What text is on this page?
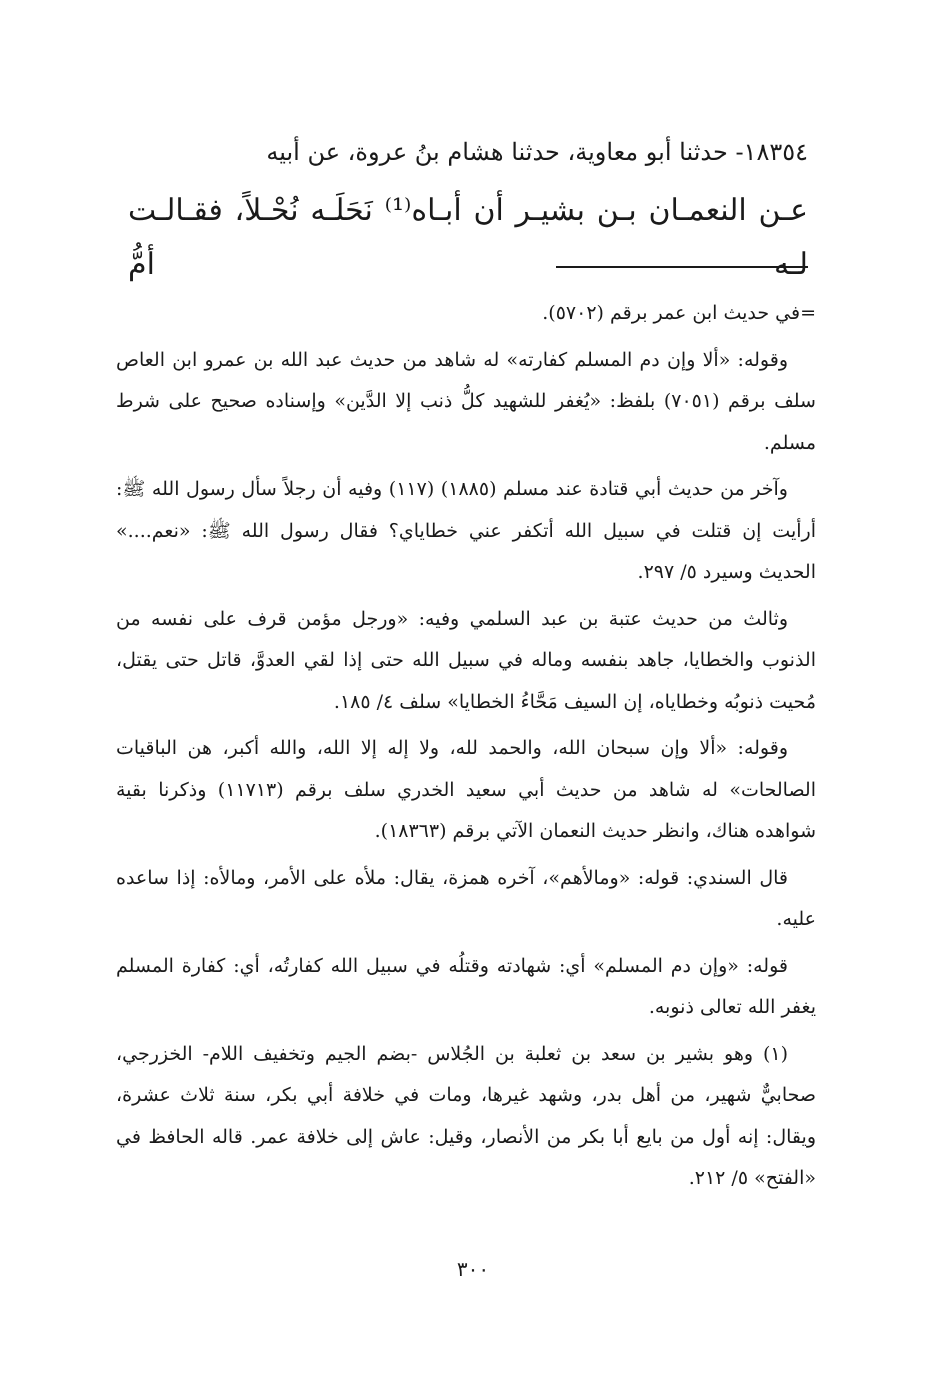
١٨٣٥٤- حدثنا أبو معاوية، حدثنا هشام بنُ عروة، عن أبيه
عـن النعمـان بـن بشيـر أن أبـاه⁽¹⁾ نَحَلَـه نُحْـلاً، فقـالـت لـه أمُّ

=في حديث ابن عمر برقم (٥٧٠٢).

وقوله: «ألا وإن دم المسلم كفارته» له شاهد من حديث عبد الله بن عمرو ابن العاص سلف برقم (٧٠٥١) بلفظ: «يُغفر للشهيد كلُّ ذنب إلا الدَّين» وإسناده صحيح على شرط مسلم.

وآخر من حديث أبي قتادة عند مسلم (١٨٨٥) (١١٧) وفيه أن رجلاً سأل رسول الله ﷺ: أرأيت إن قتلت في سبيل الله أتكفر عني خطاياي؟ فقال رسول الله ﷺ: «نعم....» الحديث وسيرد ٥/ ٢٩٧.

وثالث من حديث عتبة بن عبد السلمي وفيه: «ورجل مؤمن قرف على نفسه من الذنوب والخطايا، جاهد بنفسه وماله في سبيل الله حتى إذا لقي العدوَّ، قاتل حتى يقتل، مُحيت ذنوبُه وخطاياه، إن السيف مَحَّاءُ الخطايا» سلف ٤/ ١٨٥.

وقوله: «ألا وإن سبحان الله، والحمد لله، ولا إله إلا الله، والله أكبر، هن الباقيات الصالحات» له شاهد من حديث أبي سعيد الخدري سلف برقم (١١٧١٣) وذكرنا بقية شواهده هناك، وانظر حديث النعمان الآتي برقم (١٨٣٦٣).

قال السندي: قوله: «ومالأهم»، آخره همزة، يقال: ملأه على الأمر، ومالأه: إذا ساعده عليه.

قوله: «وإن دم المسلم» أي: شهادته وقتلُه في سبيل الله كفارتُه، أي: كفارة المسلم يغفر الله تعالى ذنوبه.

(١) وهو بشير بن سعد بن ثعلبة بن الجُلاس -بضم الجيم وتخفيف اللام- الخزرجي، صحابيٌّ شهير، من أهل بدر، وشهد غيرها، ومات في خلافة أبي بكر، سنة ثلاث عشرة، ويقال: إنه أول من بايع أبا بكر من الأنصار، وقيل: عاش إلى خلافة عمر. قاله الحافظ في «الفتح» ٥/ ٢١٢.

٣٠٠
